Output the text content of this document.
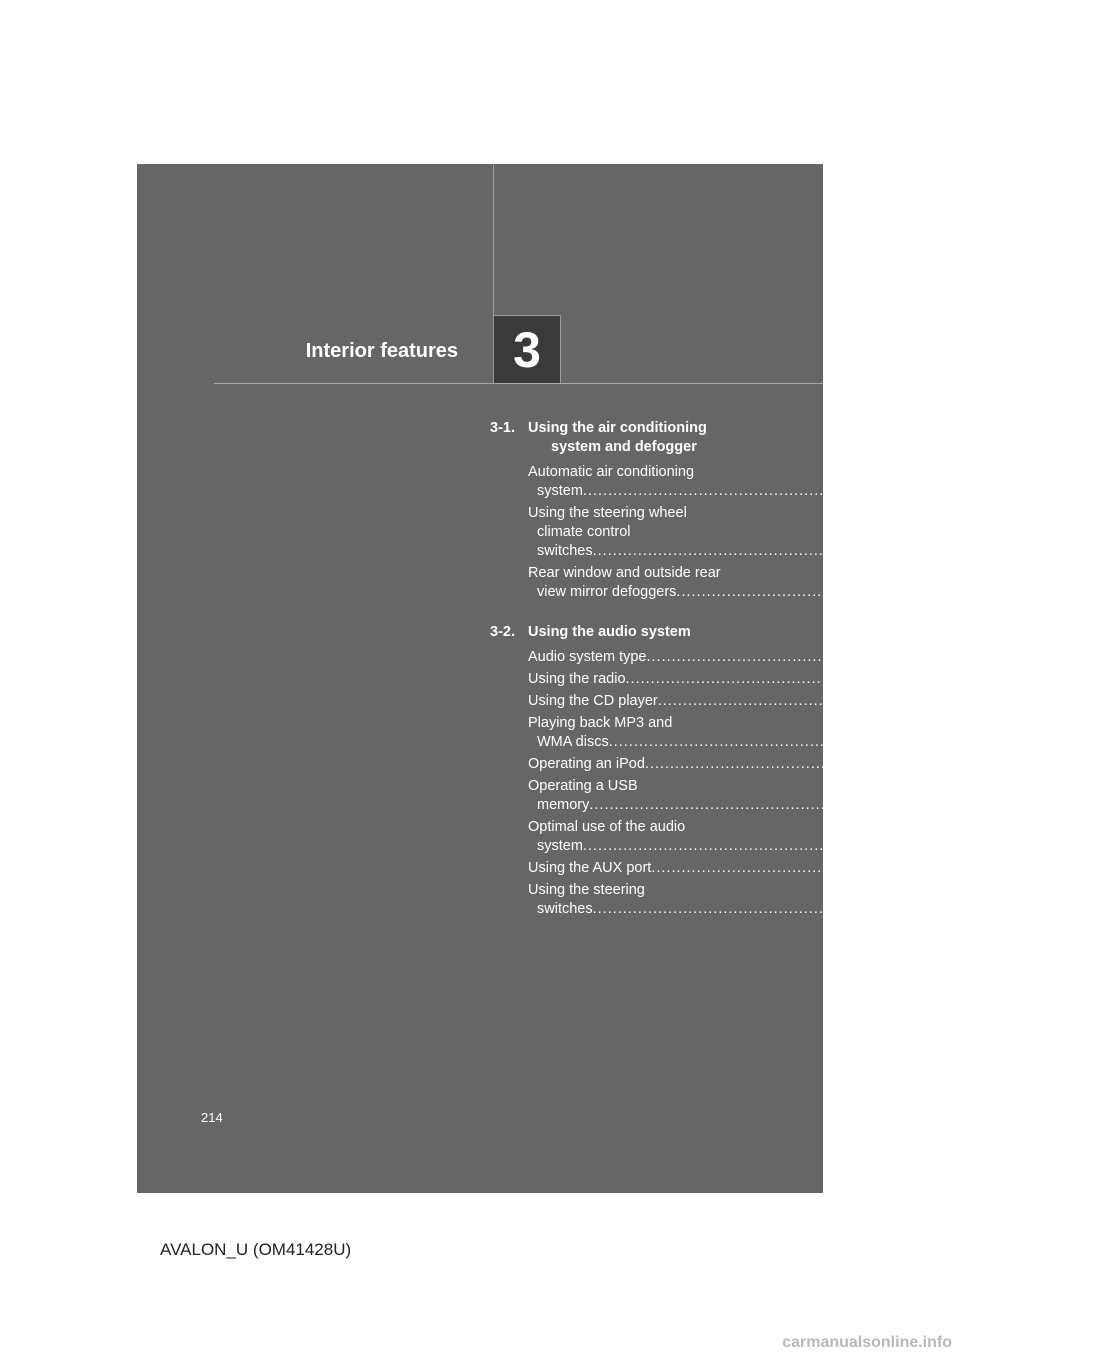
Interior features	3
3-1. Using the air conditioning
system and defogger
Automatic air conditioning
system ................................................................................ 216
Using the steering wheel
climate control
switches ................................................................................ 224
Rear window and outside rear
view mirror defoggers ................................................................................ 225
3-2. Using the audio system
Audio system type ................................................................................ 227
Using the radio ................................................................................ 231
Using the CD player ................................................................................ 239
Playing back MP3 and
WMA discs ................................................................................ 247
Operating an iPod ................................................................................ 255
Operating a USB
memory ................................................................................ 262
Optimal use of the audio
system ................................................................................ 270
Using the AUX port ................................................................................ 273
Using the steering
switches ................................................................................ 274
214
AVALON_U (OM41428U)
carmanualsonline.info
